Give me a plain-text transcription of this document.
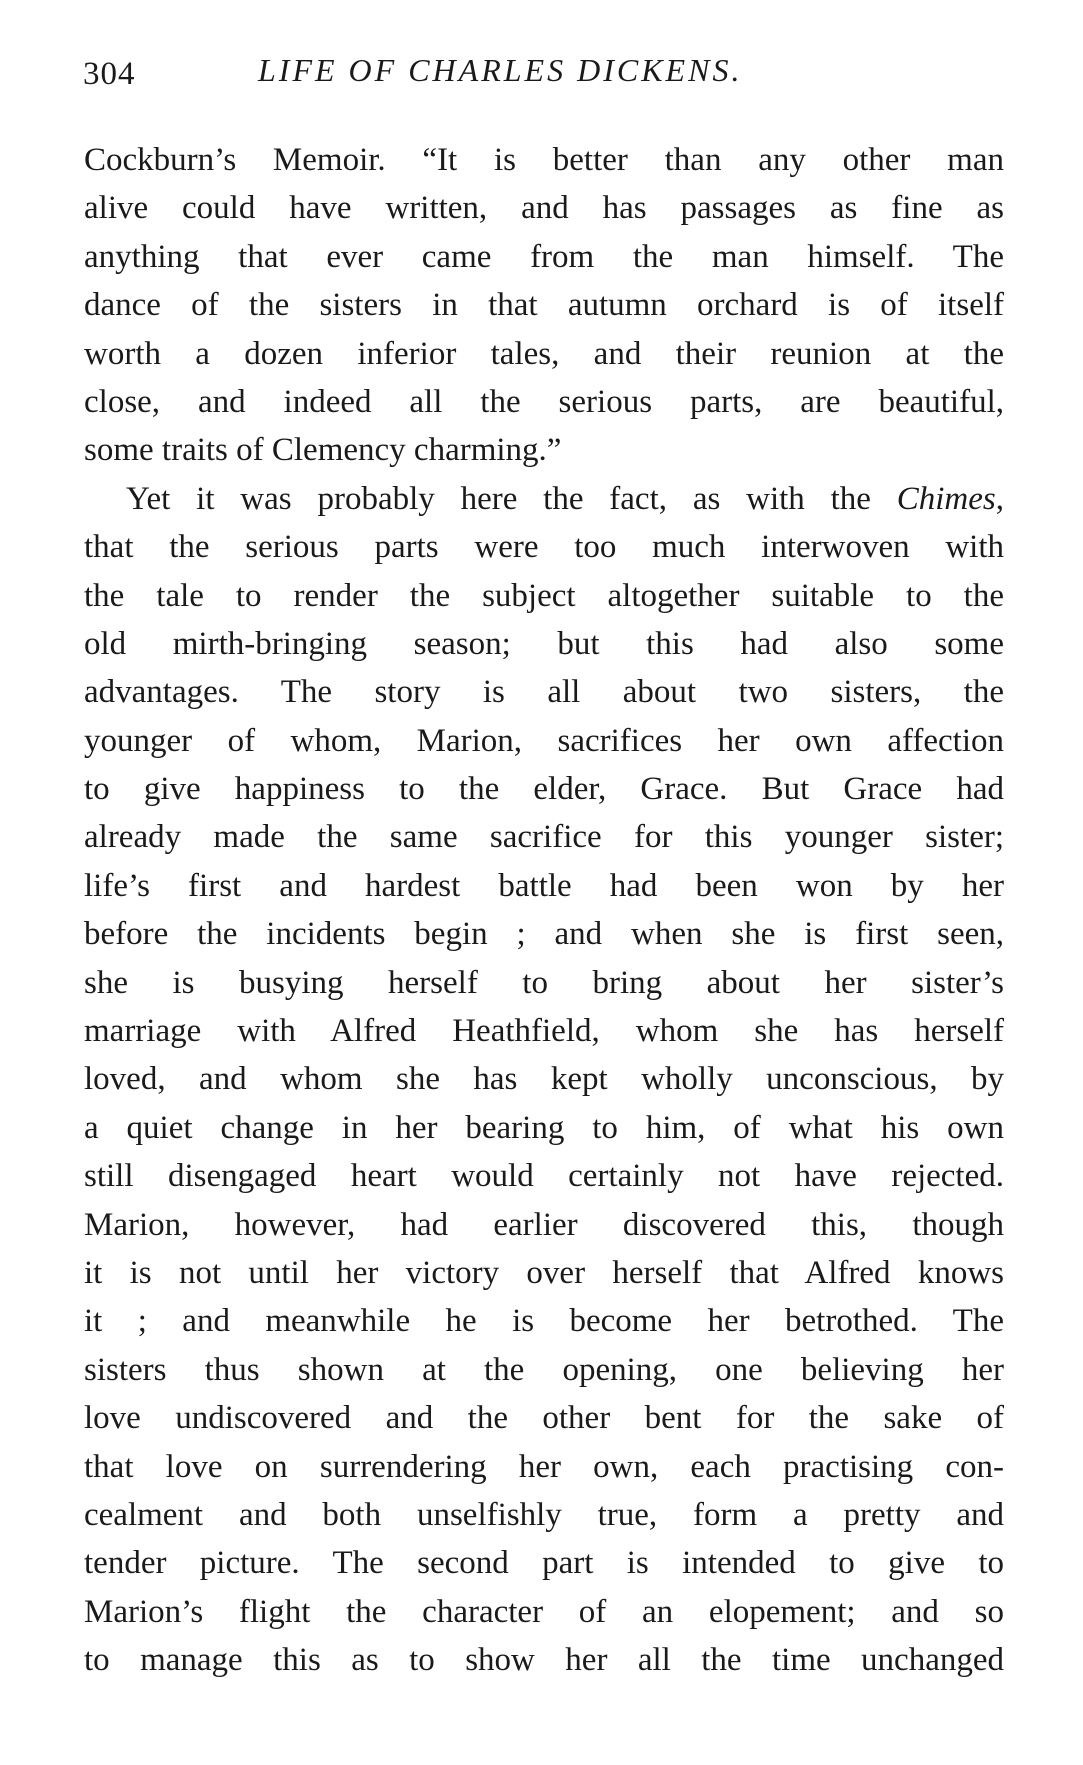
304	LIFE OF CHARLES DICKENS.
Cockburn’s Memoir. “It is better than any other man
alive could have written, and has passages as fine as
anything that ever came from the man himself. The
dance of the sisters in that autumn orchard is of itself
worth a dozen inferior tales, and their reunion at the
close, and indeed all the serious parts, are beautiful,
some traits of Clemency charming.”
Yet it was probably here the fact, as with the Chimes,
that the serious parts were too much interwoven with
the tale to render the subject altogether suitable to the
old mirth-bringing season; but this had also some
advantages. The story is all about two sisters, the
younger of whom, Marion, sacrifices her own affection
to give happiness to the elder, Grace. But Grace had
already made the same sacrifice for this younger sister;
life’s first and hardest battle had been won by her
before the incidents begin ; and when she is first seen,
she is busying herself to bring about her sister’s
marriage with Alfred Heathfield, whom she has herself
loved, and whom she has kept wholly unconscious, by
a quiet change in her bearing to him, of what his own
still disengaged heart would certainly not have rejected.
Marion, however, had earlier discovered this, though
it is not until her victory over herself that Alfred knows
it ; and meanwhile he is become her betrothed. The
sisters thus shown at the opening, one believing her
love undiscovered and the other bent for the sake of
that love on surrendering her own, each practising con-
cealment and both unselfishly true, form a pretty and
tender picture. The second part is intended to give to
Marion’s flight the character of an elopement; and so
to manage this as to show her all the time unchanged
